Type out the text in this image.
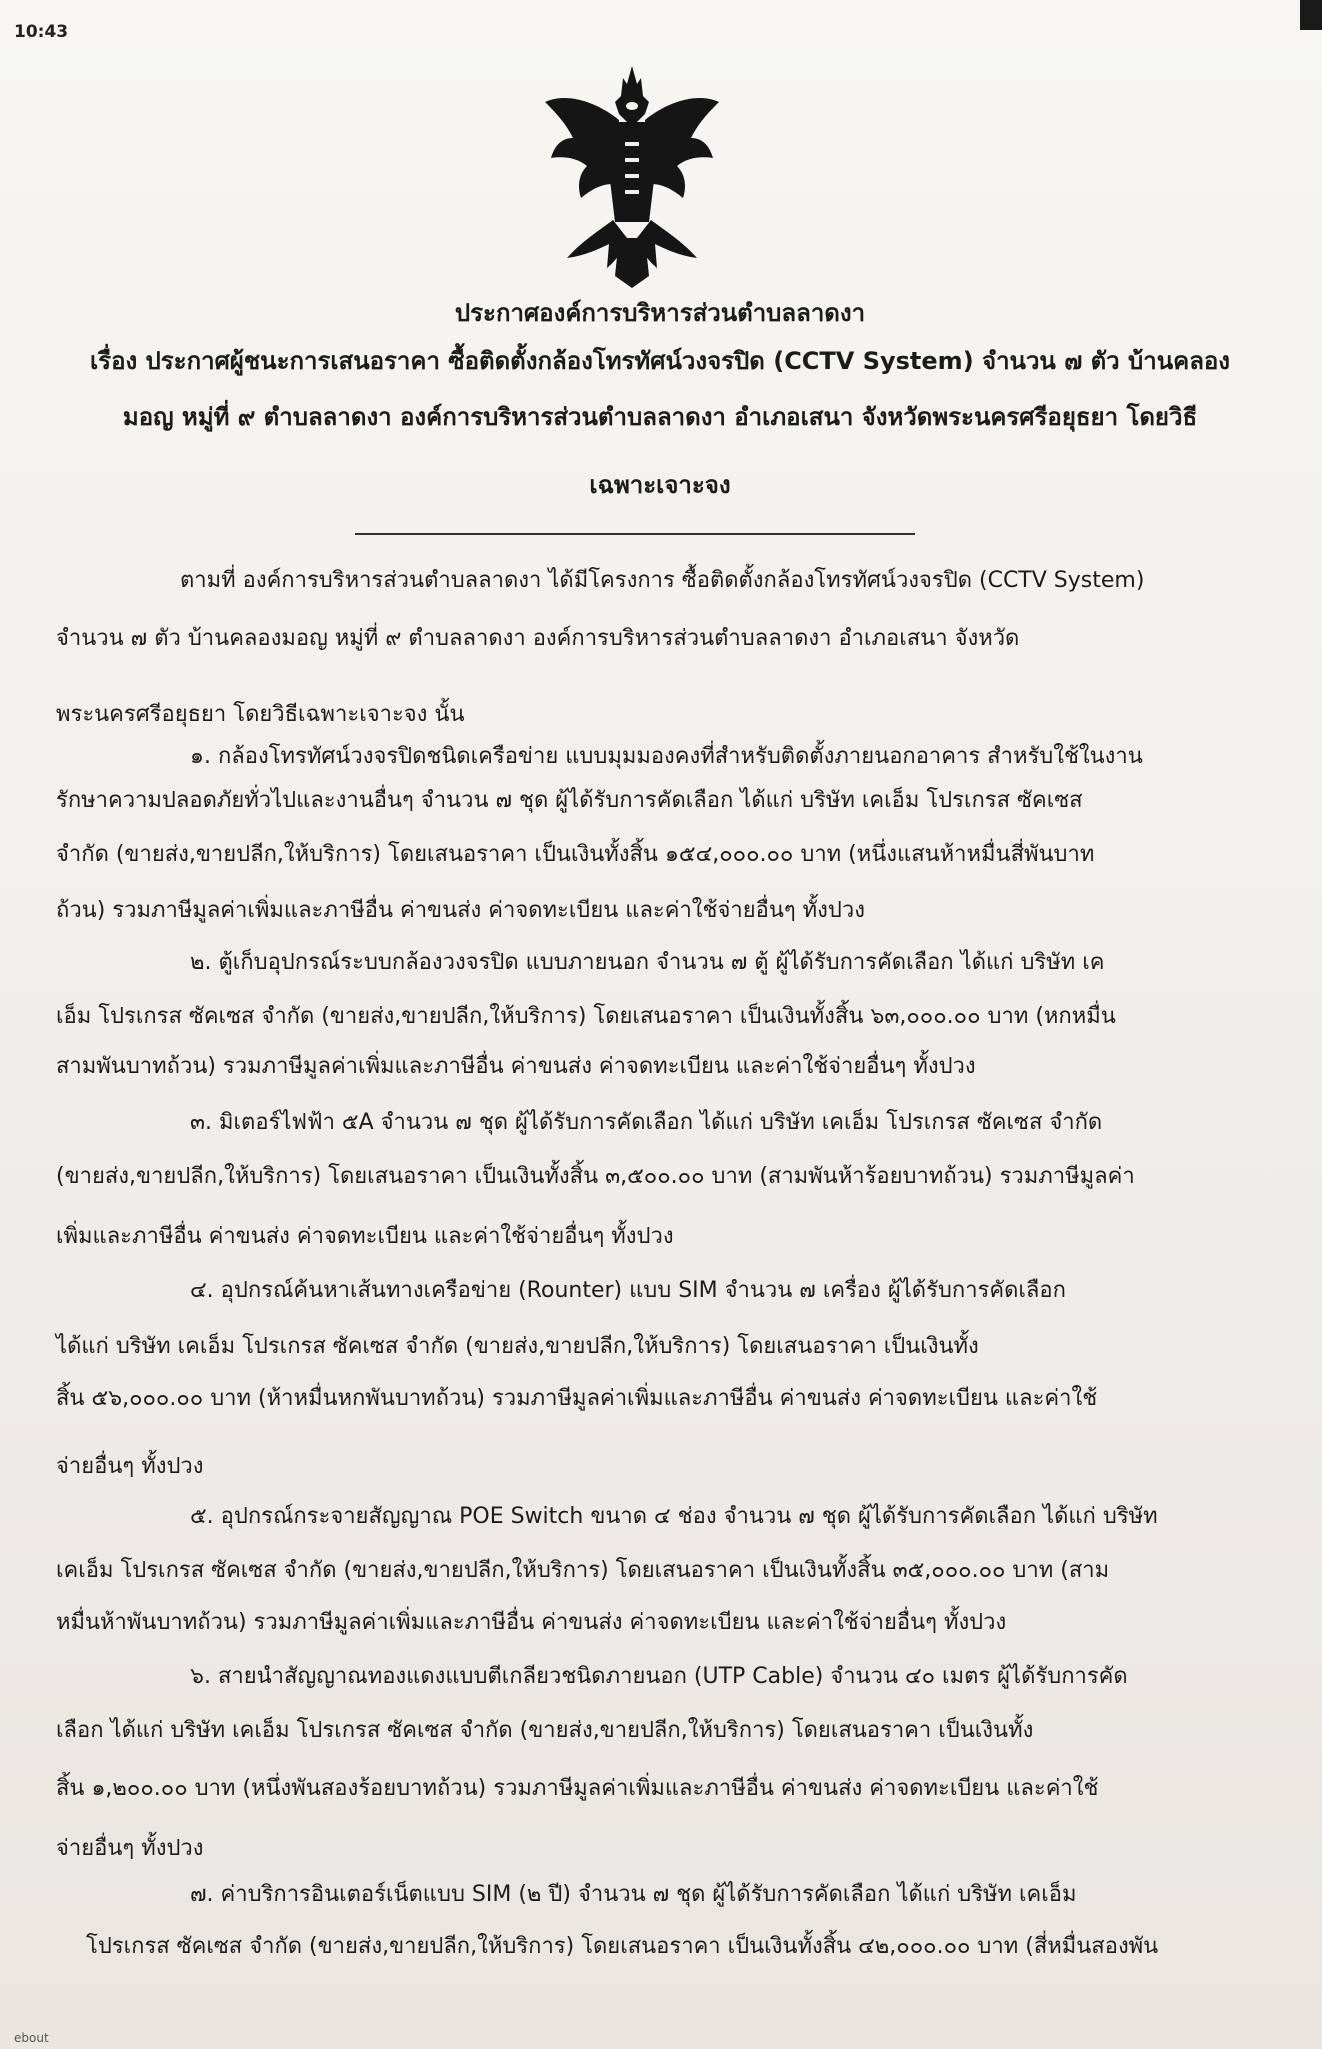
10:43
ประกาศองค์การบริหารส่วนตำบลลาดงา
เรื่อง ประกาศผู้ชนะการเสนอราคา ซื้อติดตั้งกล้องโทรทัศน์วงจรปิด (CCTV System) จำนวน ๗ ตัว บ้านคลอง
มอญ หมู่ที่ ๙ ตำบลลาดงา องค์การบริหารส่วนตำบลลาดงา อำเภอเสนา จังหวัดพระนครศรีอยุธยา โดยวิธี
เฉพาะเจาะจง
ตามที่ องค์การบริหารส่วนตำบลลาดงา ได้มีโครงการ ซื้อติดตั้งกล้องโทรทัศน์วงจรปิด (CCTV System)
จำนวน ๗ ตัว บ้านคลองมอญ หมู่ที่ ๙ ตำบลลาดงา องค์การบริหารส่วนตำบลลาดงา อำเภอเสนา จังหวัด
พระนครศรีอยุธยา โดยวิธีเฉพาะเจาะจง นั้น
๑. กล้องโทรทัศน์วงจรปิดชนิดเครือข่าย แบบมุมมองคงที่สำหรับติดตั้งภายนอกอาคาร สำหรับใช้ในงาน
รักษาความปลอดภัยทั่วไปและงานอื่นๆ จำนวน ๗ ชุด ผู้ได้รับการคัดเลือก ได้แก่ บริษัท เคเอ็ม โปรเกรส ซัคเซส
จำกัด (ขายส่ง,ขายปลีก,ให้บริการ) โดยเสนอราคา เป็นเงินทั้งสิ้น ๑๕๔,๐๐๐.๐๐ บาท (หนึ่งแสนห้าหมื่นสี่พันบาท
ถ้วน) รวมภาษีมูลค่าเพิ่มและภาษีอื่น ค่าขนส่ง ค่าจดทะเบียน และค่าใช้จ่ายอื่นๆ ทั้งปวง
๒. ตู้เก็บอุปกรณ์ระบบกล้องวงจรปิด แบบภายนอก จำนวน ๗ ตู้ ผู้ได้รับการคัดเลือก ได้แก่ บริษัท เค
เอ็ม โปรเกรส ซัคเซส จำกัด (ขายส่ง,ขายปลีก,ให้บริการ) โดยเสนอราคา เป็นเงินทั้งสิ้น ๖๓,๐๐๐.๐๐ บาท (หกหมื่น
สามพันบาทถ้วน) รวมภาษีมูลค่าเพิ่มและภาษีอื่น ค่าขนส่ง ค่าจดทะเบียน และค่าใช้จ่ายอื่นๆ ทั้งปวง
๓. มิเตอร์ไฟฟ้า ๕A จำนวน ๗ ชุด ผู้ได้รับการคัดเลือก ได้แก่ บริษัท เคเอ็ม โปรเกรส ซัคเซส จำกัด
(ขายส่ง,ขายปลีก,ให้บริการ) โดยเสนอราคา เป็นเงินทั้งสิ้น ๓,๕๐๐.๐๐ บาท (สามพันห้าร้อยบาทถ้วน) รวมภาษีมูลค่า
เพิ่มและภาษีอื่น ค่าขนส่ง ค่าจดทะเบียน และค่าใช้จ่ายอื่นๆ ทั้งปวง
๔. อุปกรณ์ค้นหาเส้นทางเครือข่าย (Rounter) แบบ SIM จำนวน ๗ เครื่อง ผู้ได้รับการคัดเลือก
ได้แก่ บริษัท เคเอ็ม โปรเกรส ซัคเซส จำกัด (ขายส่ง,ขายปลีก,ให้บริการ) โดยเสนอราคา เป็นเงินทั้ง
สิ้น ๕๖,๐๐๐.๐๐ บาท (ห้าหมื่นหกพันบาทถ้วน) รวมภาษีมูลค่าเพิ่มและภาษีอื่น ค่าขนส่ง ค่าจดทะเบียน และค่าใช้
จ่ายอื่นๆ ทั้งปวง
๕. อุปกรณ์กระจายสัญญาณ POE Switch ขนาด ๔ ช่อง จำนวน ๗ ชุด ผู้ได้รับการคัดเลือก ได้แก่ บริษัท
เคเอ็ม โปรเกรส ซัคเซส จำกัด (ขายส่ง,ขายปลีก,ให้บริการ) โดยเสนอราคา เป็นเงินทั้งสิ้น ๓๕,๐๐๐.๐๐ บาท (สาม
หมื่นห้าพันบาทถ้วน) รวมภาษีมูลค่าเพิ่มและภาษีอื่น ค่าขนส่ง ค่าจดทะเบียน และค่าใช้จ่ายอื่นๆ ทั้งปวง
๖. สายนำสัญญาณทองแดงแบบตีเกลียวชนิดภายนอก (UTP Cable) จำนวน ๔๐ เมตร ผู้ได้รับการคัด
เลือก ได้แก่ บริษัท เคเอ็ม โปรเกรส ซัคเซส จำกัด (ขายส่ง,ขายปลีก,ให้บริการ) โดยเสนอราคา เป็นเงินทั้ง
สิ้น ๑,๒๐๐.๐๐ บาท (หนึ่งพันสองร้อยบาทถ้วน) รวมภาษีมูลค่าเพิ่มและภาษีอื่น ค่าขนส่ง ค่าจดทะเบียน และค่าใช้
จ่ายอื่นๆ ทั้งปวง
๗. ค่าบริการอินเตอร์เน็ตแบบ SIM (๒ ปี) จำนวน ๗ ชุด ผู้ได้รับการคัดเลือก ได้แก่ บริษัท เคเอ็ม
โปรเกรส ซัคเซส จำกัด (ขายส่ง,ขายปลีก,ให้บริการ) โดยเสนอราคา เป็นเงินทั้งสิ้น ๔๒,๐๐๐.๐๐ บาท (สี่หมื่นสองพัน
ebout
